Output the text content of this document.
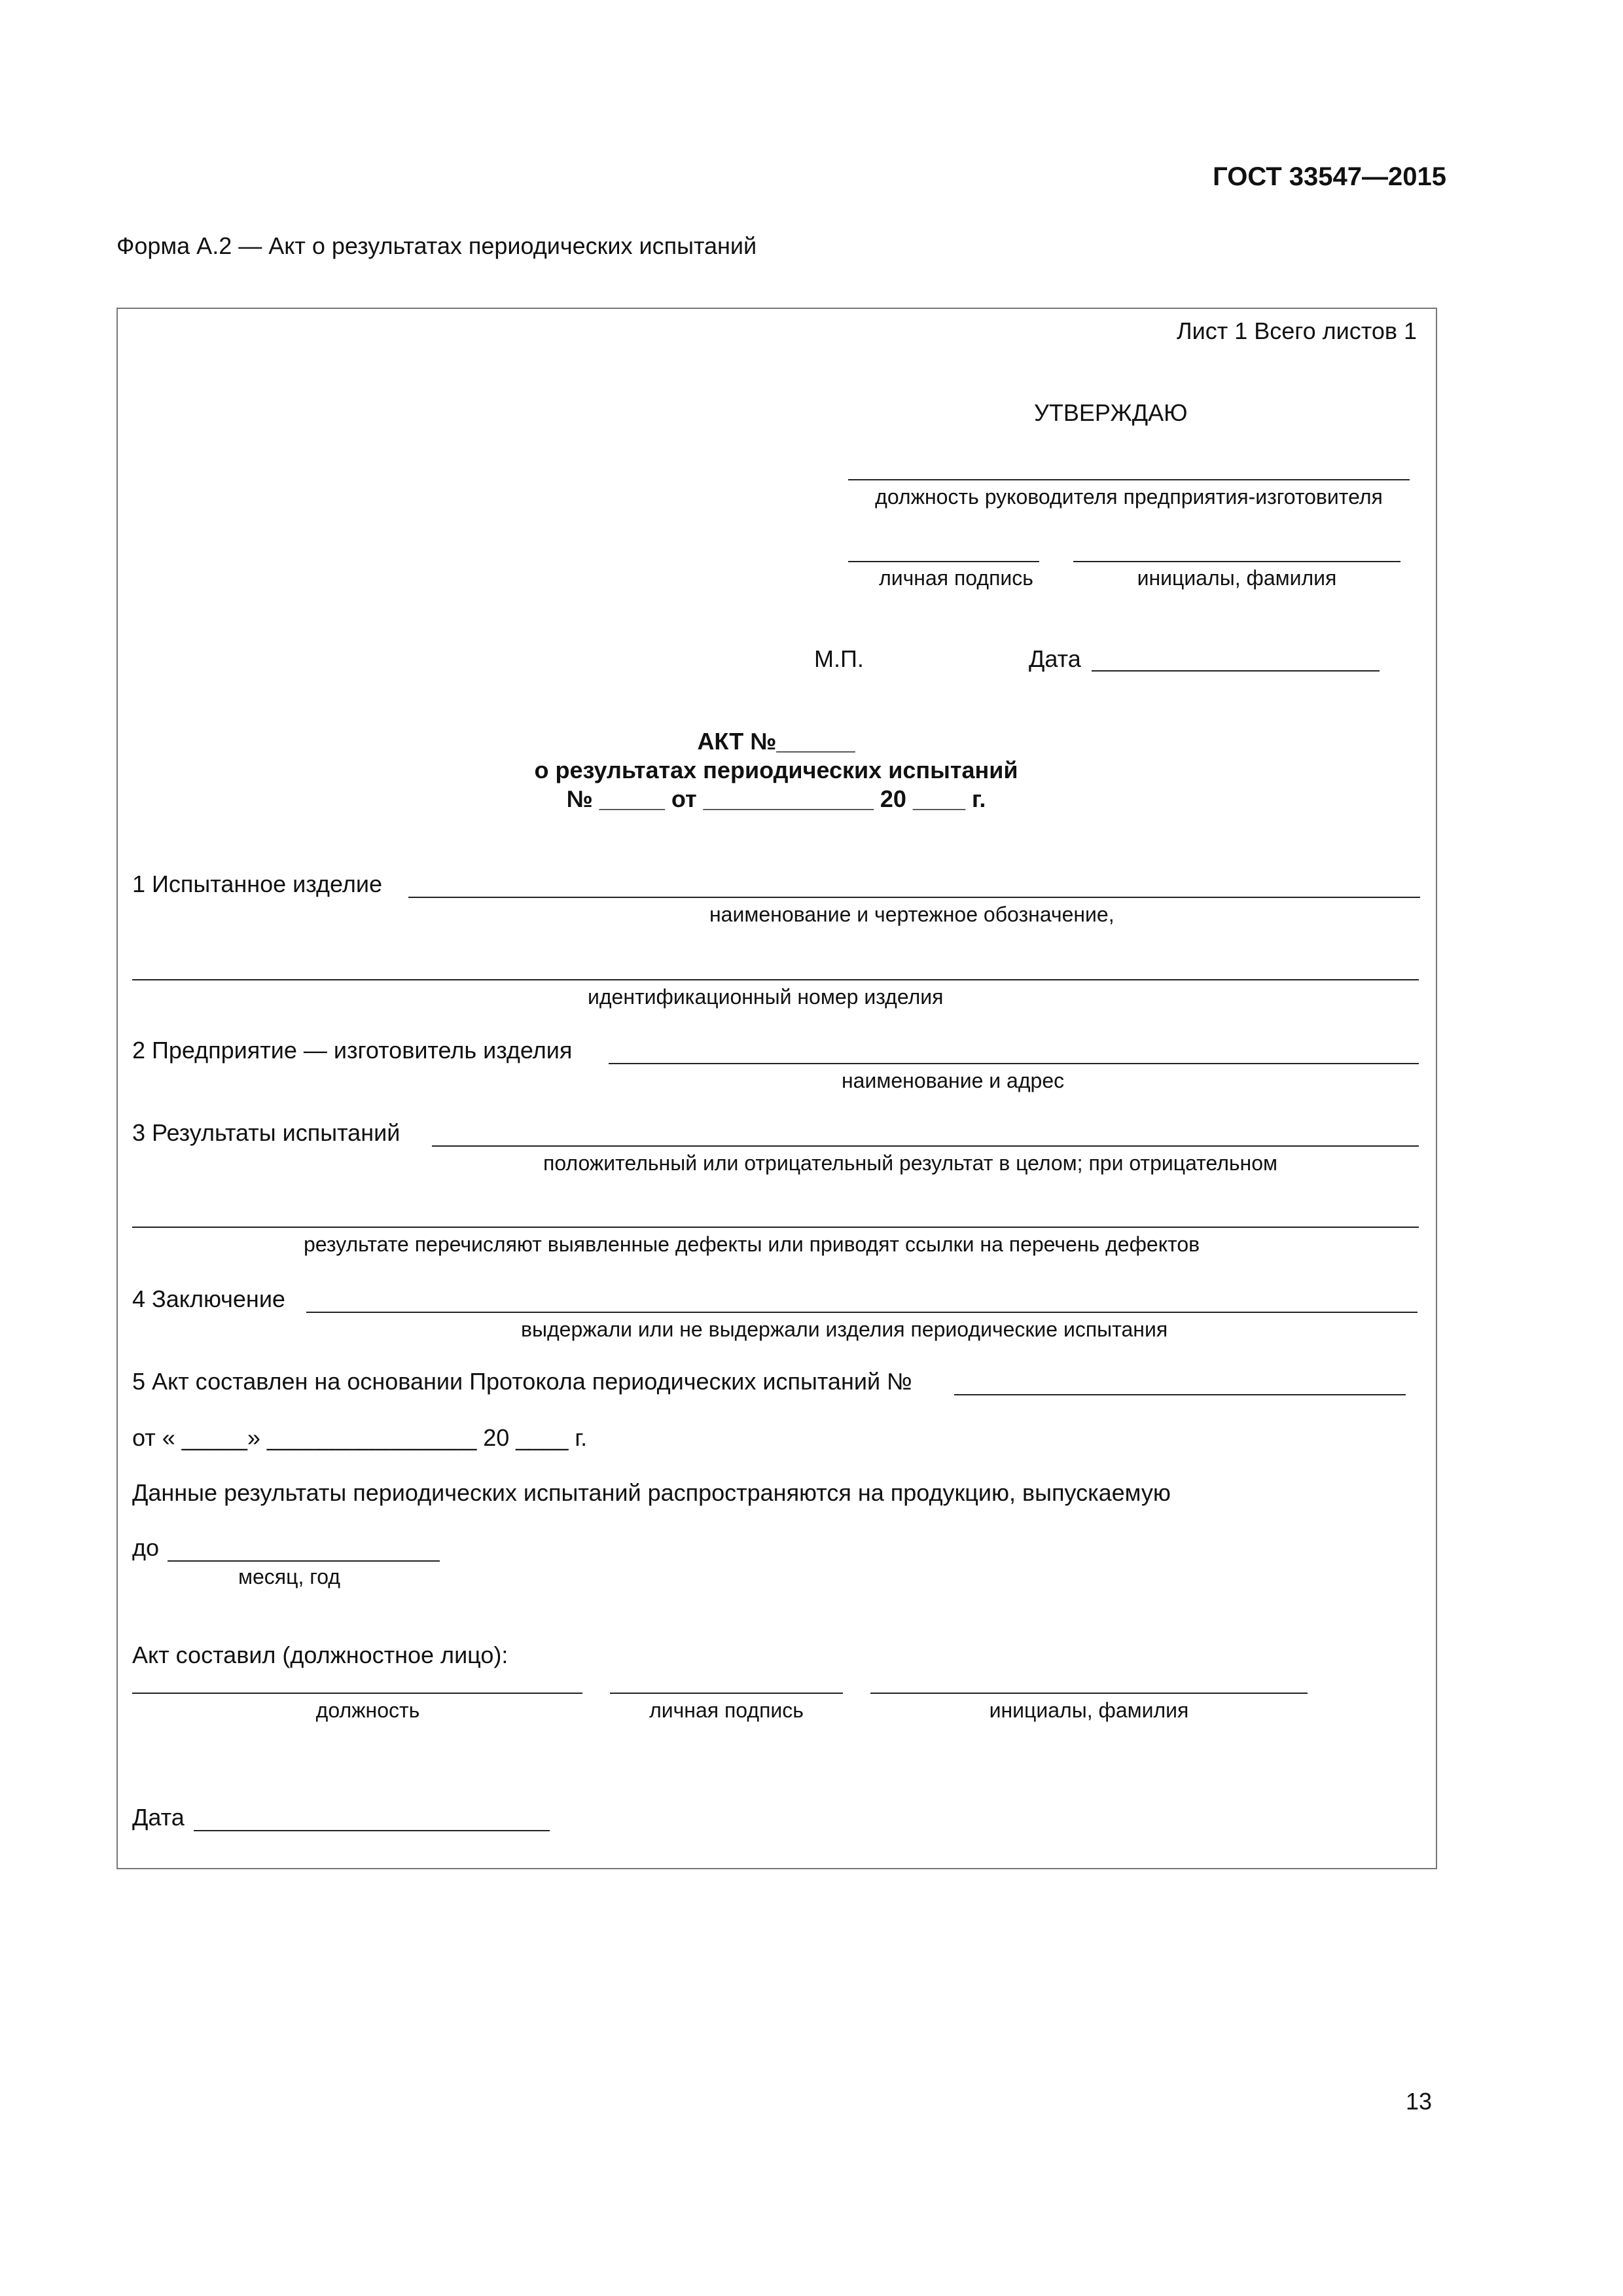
ГОСТ 33547—2015
Форма А.2 — Акт о результатах периодических испытаний
Лист 1 Всего листов 1
УТВЕРЖДАЮ
должность руководителя предприятия-изготовителя
личная подпись	инициалы, фамилия
М.П.	Дата
АКТ №______
о результатах периодических испытаний
№ _____ от _____________ 20 ____ г.
1 Испытанное изделие
наименование и чертежное обозначение,
идентификационный номер изделия
2 Предприятие — изготовитель изделия
наименование и адрес
3 Результаты испытаний
положительный или отрицательный результат в целом; при отрицательном
результате перечисляют выявленные дефекты или приводят ссылки на перечень дефектов
4 Заключение
выдержали или не выдержали изделия периодические испытания
5 Акт составлен на основании Протокола периодических испытаний №
от « _____» ________________ 20 ____ г.
Данные результаты периодических испытаний распространяются на продукцию, выпускаемую
до
месяц, год
Акт составил (должностное лицо):
должность	личная подпись	инициалы, фамилия
Дата
13
